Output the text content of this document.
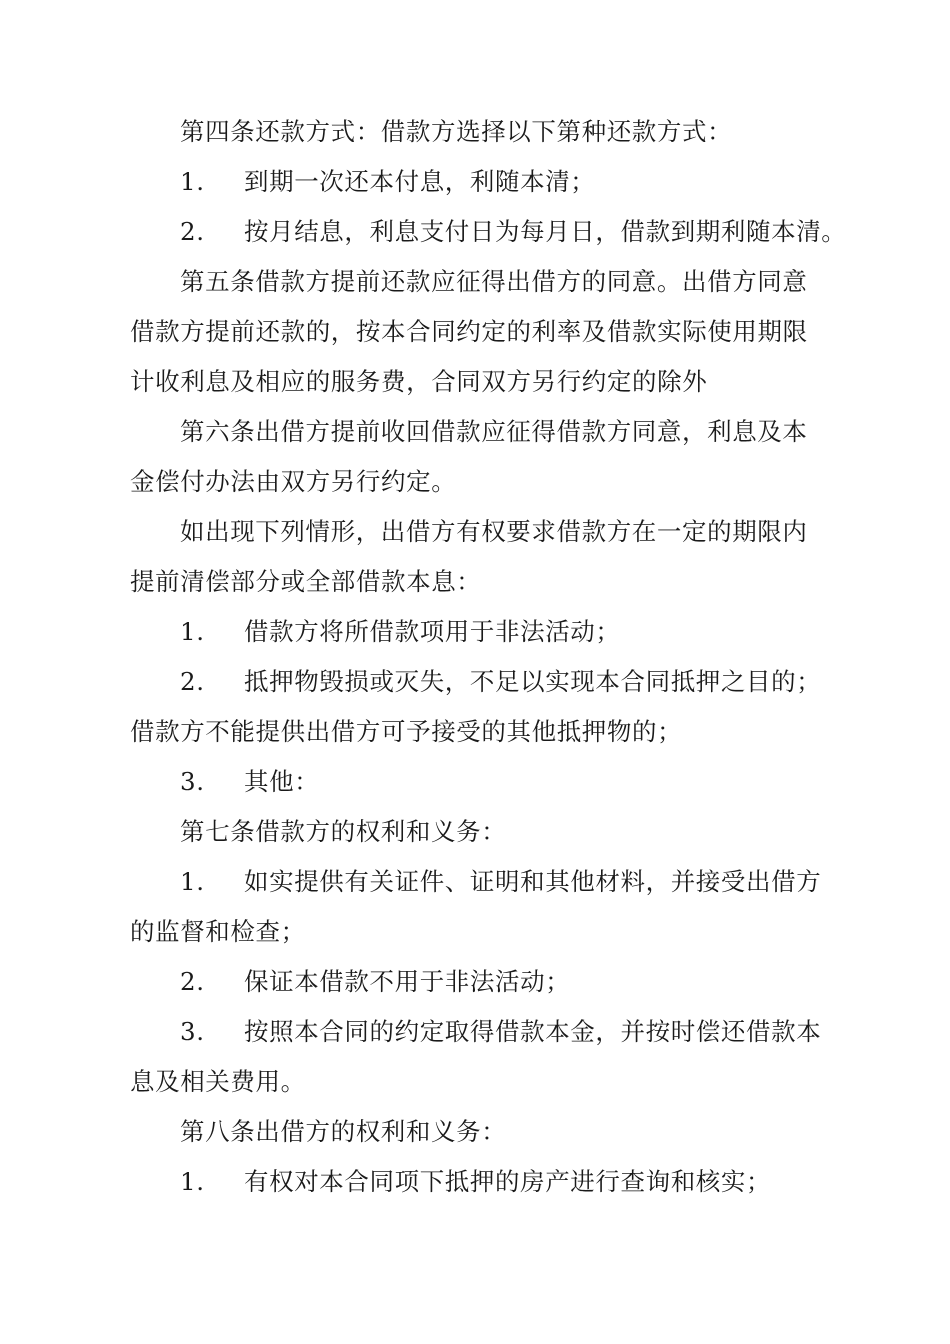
第四条还款方式：借款方选择以下第种还款方式：
1. 到期一次还本付息，利随本清；
2. 按月结息，利息支付日为每月日，借款到期利随本清。
第五条借款方提前还款应征得出借方的同意。出借方同意
借款方提前还款的，按本合同约定的利率及借款实际使用期限
计收利息及相应的服务费，合同双方另行约定的除外
第六条出借方提前收回借款应征得借款方同意，利息及本
金偿付办法由双方另行约定。
如出现下列情形，出借方有权要求借款方在一定的期限内
提前清偿部分或全部借款本息：
1. 借款方将所借款项用于非法活动；
2. 抵押物毁损或灭失，不足以实现本合同抵押之目的；
借款方不能提供出借方可予接受的其他抵押物的；
3. 其他：
第七条借款方的权利和义务：
1. 如实提供有关证件、证明和其他材料，并接受出借方
的监督和检查；
2. 保证本借款不用于非法活动；
3. 按照本合同的约定取得借款本金，并按时偿还借款本
息及相关费用。
第八条出借方的权利和义务：
1. 有权对本合同项下抵押的房产进行查询和核实；
